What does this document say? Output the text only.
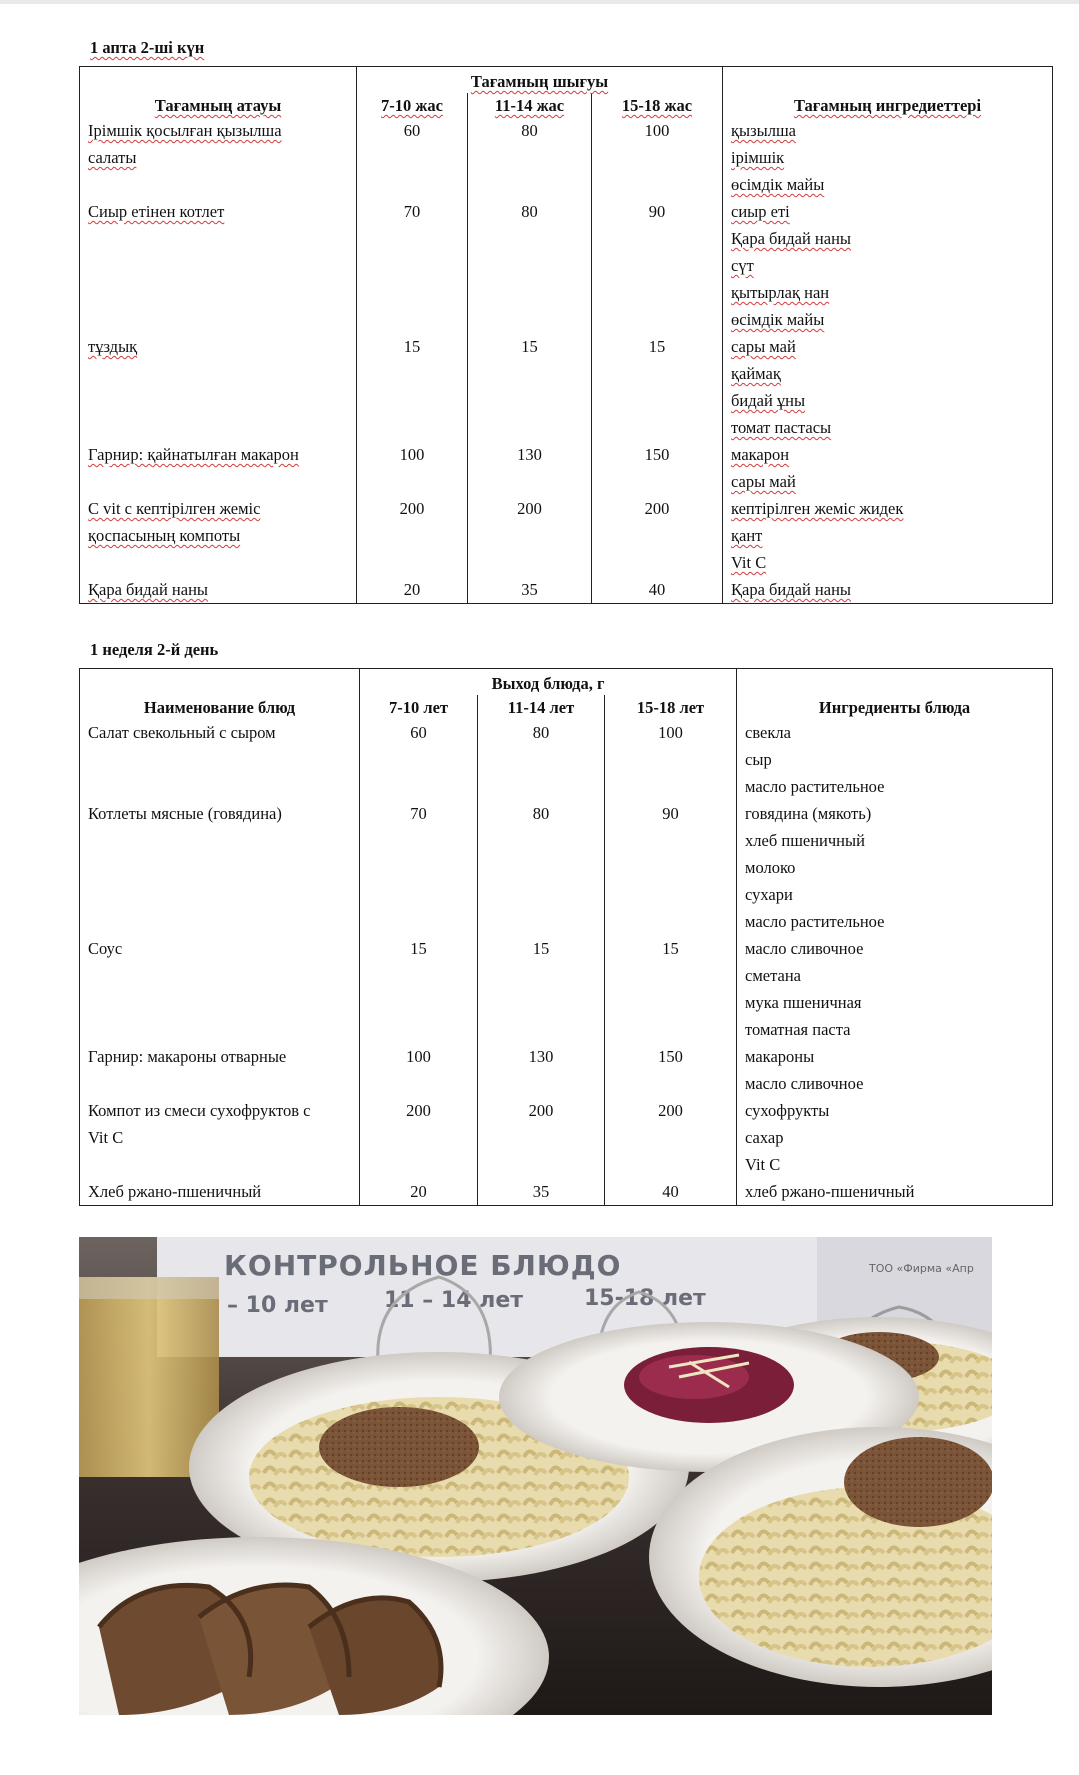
1 апта 2-ші күн
Тағамның атауы	Тағамның шығуы			Тағамның ингредиеттері
	7-10 жас	11-14 жас	15-18 жас	
Ірімшік қосылған қызылша	60	80	100	қызылша
салаты				ірімшік
				өсімдік майы
Сиыр етінен котлет	70	80	90	сиыр еті
				Қара бидай наны
				сүт
				қытырлақ нан
				өсімдік майы
тұздық	15	15	15	сары май
				қаймақ
				бидай ұны
				томат пастасы
Гарнир: қайнатылған макарон	100	130	150	макарон
				сары май
C vit с кептірілген жеміс	200	200	200	кептірілген жеміс жидек
қоспасының компоты				қант
				Vit C
Қара бидай наны	20	35	40	Қара бидай наны
1 неделя 2-й день
Наименование блюд	Выход блюда, г			Ингредиенты блюда
	7-10 лет	11-14 лет	15-18 лет	
Салат свекольный с сыром	60	80	100	свекла
				сыр
				масло растительное
Котлеты мясные (говядина)	70	80	90	говядина (мякоть)
				хлеб пшеничный
				молоко
				сухари
				масло растительное
Соус	15	15	15	масло сливочное
				сметана
				мука пшеничная
				томатная паста
Гарнир: макароны отварные	100	130	150	макароны
				масло сливочное
Компот из смеси сухофруктов с	200	200	200	сухофрукты
Vit C				сахар
				Vit C
Хлеб ржано-пшеничный	20	35	40	хлеб ржано-пшеничный
КОНТРОЛЬНОЕ БЛЮДО
– 10 лет	11 – 14 лет	15-18 лет
ТОО «Фирма «Апр
